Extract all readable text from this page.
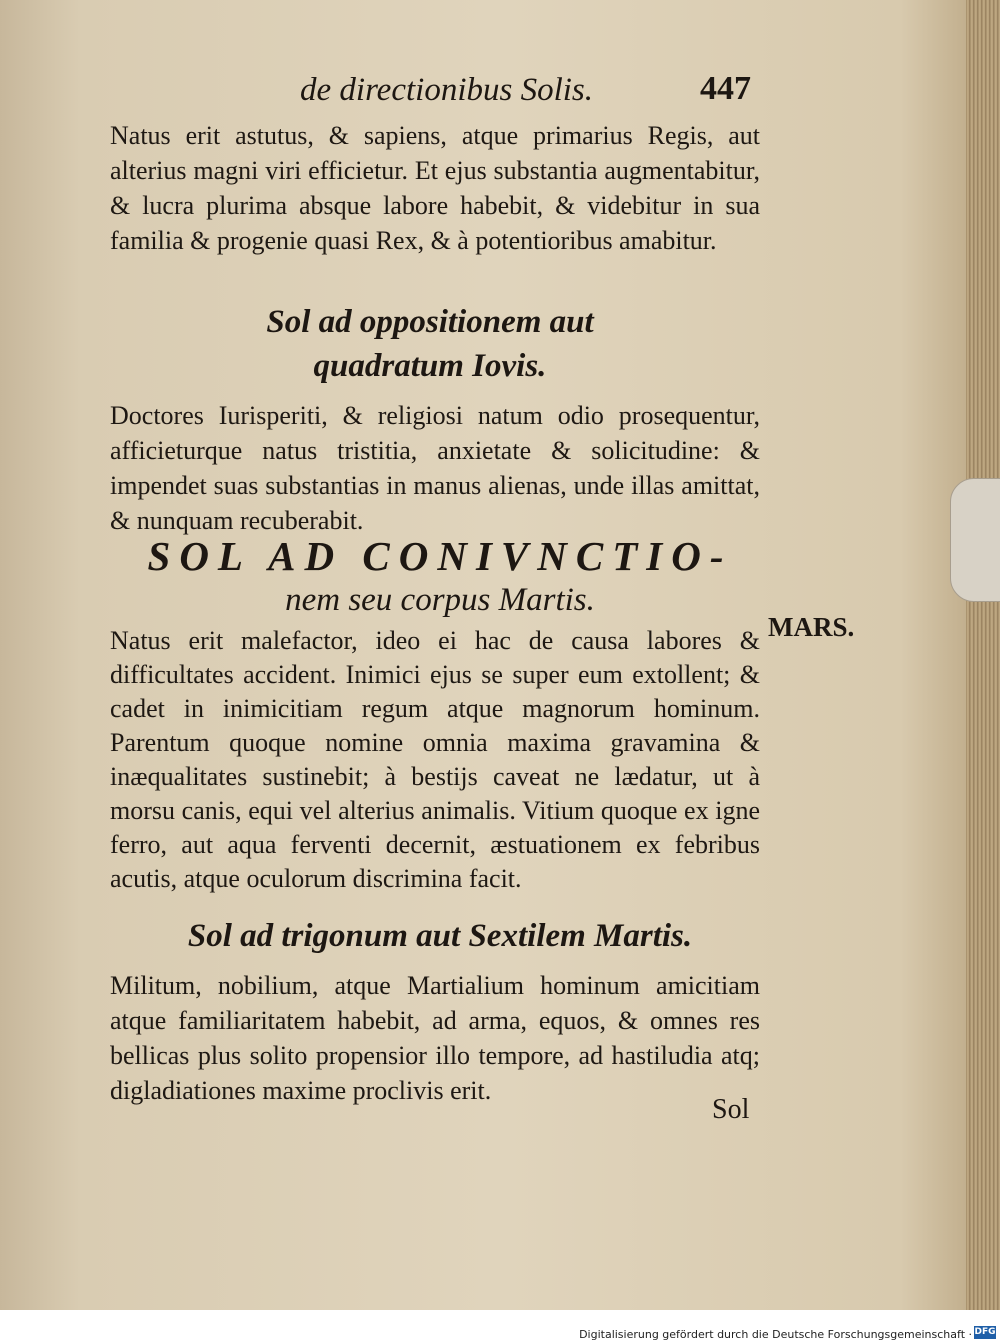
de directionibus Solis.	447

Natus erit astutus, & sapiens, atque primarius Regis, aut alterius magni viri efficietur. Et ejus substantia augmentabitur, & lucra plurima absque labore habebit, & videbitur in sua familia & progenie quasi Rex, & à potentioribus amabitur.

Sol ad oppositionem aut quadratum Iovis.

Doctores Iurisperiti, & religiosi natum odio prosequentur, afficieturque natus tristitia, anxietate & solicitudine: & impendet suas substantias in manus alienas, unde illas amittat, & nunquam recuberabit.

SOL AD CONIVNCTIO-
nem seu corpus Martis.

Natus erit malefactor, ideo ei hac de causa labores & difficultates accident. Inimici ejus se super eum extollent; & cadet in inimicitiam regum atque magnorum hominum. Parentum quoque nomine omnia maxima gravamina & inæqualitates sustinebit; à bestijs caveat ne lædatur, ut à morsu canis, equi vel alterius animalis. Vitium quoque ex igne ferro, aut aqua ferventi decernit, æstuationem ex febribus acutis, atque oculorum discrimina facit.

MARS.
Sol ad trigonum aut Sextilem Martis.

Militum, nobilium, atque Martialium hominum amicitiam atque familiaritatem habebit, ad arma, equos, & omnes res bellicas plus solito propensior illo tempore, ad hastiludia atq; digladiationes maxime proclivis erit.

Sol
Digitalisierung gefördert durch die Deutsche Forschungsgemeinschaft · DFG
